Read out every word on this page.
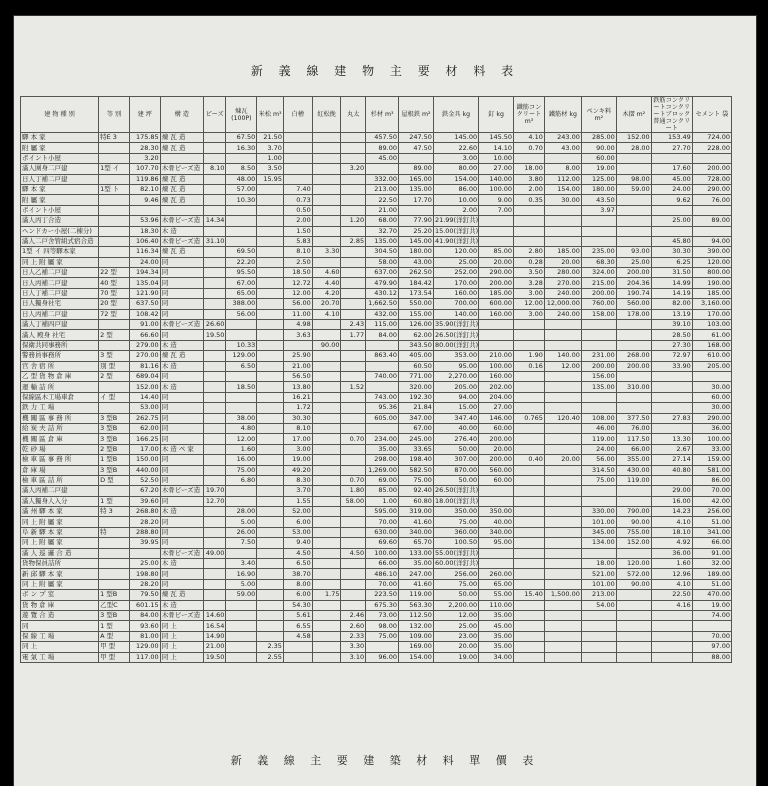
新 義 線 建 物 主 要 材 料 表
建 物 種 別	等 別	建 坪	構 造	ピーズ	煉瓦 (100P)	米松 m³	白檜	紅松挽	丸太	杉材 m³	屋根鉄 m²	鉄金具 kg	釘 kg	鐵筋コンクリートm³	鐵筋材 kg	ペンキ料 m²	木摺 m²	鉄筋コンクリートコンクリートブロック普通コンクリート	セメント 袋
驛 本 家	特E 3	175.85	煉 瓦 造		67.50	21.50				457.50	247.50	145.00	145.50	4.10	243.00	285.00	152.00	153.49	724.00
附 屬 家		28.30	煉 瓦 造		16.30	3.70				89.00	47.50	22.60	14.10	0.70	43.00	90.00	28.00	27.70	228.00
ポイント小屋		3.20				1.00				45.00		3.00	10.00			60.00			
滿人圍身二戸建	1型 イ	107.70	木骨ビーズ造	8.10	8.50	3.50			3.20		89.00	80.00	27.00	18.00	8.00	19.00		17.60	200.00
日人丁補二戸建		119.86	煉 瓦 造		48.00	15.95				332.00	165.00	154.00	140.00	3.80	112.00	125.00	98.00	45.00	728.00
驛 本 家	1型 ト	82.10	煉 瓦 造		57.00		7.40			213.00	135.00	86.00	100.00	2.00	154.00	180.00	59.00	24.00	290.00
附 屬 家		9.46	煉 瓦 造		10.30		0.73			22.50	17.70	10.00	9.00	0.35	30.00	43.50		9.62	76.00
ポイント小屋							0.50			21.00		2.00	7.00			3.97			
滿人丙丁合造		53.96	木骨ビーズ造	14.34			2.00		1.20	68.00	77.90	21.99(洋釘共)						25.00	89.00
ヘンドカー小屋(二棟分)		18.30	木 造				1.50			32.70	25.20	15.00(洋釘共)							
滿人二戸舍管組式宿合造		106.40	木骨ビーズ造	31.10			5.83		2.85	135.00	145.00	41.90(洋釘共)						45.80	94.00
1型 イ 四等驛本家		116.34	煉 瓦 造		69.50		8.10	3.30		304.50	180.00	120.00	85.00	2.80	185.00	235.00	93.00	30.30	390.00
同 上 附 屬 家		24.00	同		22.20		2.50			58.00	43.00	25.00	20.00	0.28	20.00	68.30	25.00	6.25	120.00
日人乙補二戸建	22 型	194.34	同		95.50		18.50	4.60		637.00	262.50	252.00	290.00	3.50	280.00	324.00	200.00	31.50	800.00
日人丙補二戸建	40 型	135.04	同		67.00		12.72	4.40		479.90	184.42	170.00	200.00	3.28	270.00	215.00	204.36	14.99	190.00
日人丁補二戸建	70 型	121.90	同		65.00		12.00	4.20		430.12	173.54	160.00	185.00	3.00	240.00	200.00	190.74	14.19	185.00
日人獨身社宅	20 型	637.50	同		388.00		56.00	20.70		1,662.50	550.00	700.00	600.00	12.00	12,000.00	760.00	560.00	82.00	3,160.00
日人丙補二戸建	72 型	108.42	同		56.00		11.00	4.10		432.00	155.00	140.00	160.00	3.00	240.00	158.00	178.00	13.19	170.00
滿人丁補四戸建		91.00	木骨ビーズ造	26.60			4.98		2.43	115.00	126.00	35.90(洋釘共)						39.10	103.00
滿人 殿身 社宅	2 型	66.60	同	19.50			3.63		1.77	84.00	62.00	26.50(洋釘共)						28.50	61.00
保衛共同事務所		279.00	木 造		10.33			90.00			343.50	80.00(洋釘共)						27.30	168.00
警務員事務所	3 型	270.00	煉 瓦 造		129.00		25.90			863.40	405.00	353.00	210.00	1.90	140.00	231.00	268.00	72.97	610.00
官 舍 宿 所	別 型	81.16	木 造		6.50		21.00				60.50	95.00	100.00	0.16	12.00	200.00	200.00	33.90	205.00
乙 型 貨 物 倉 庫	2 型	689.04	同				56.50			740.00	771.00	2,270.00	160.00			156.00			
運 輸 詰 所		152.00	木 造		18.50		13.80		1.52		320.00	205.00	202.00			135.00	310.00		30.00
保線區木工場車倉	イ 型	14.40	同				16.21			743.00	192.30	94.00	204.00						60.00
鉄 力 工 場		53.00	同				1.72			95.36	21.84	15.00	27.00						30.00
機 關 區 事 務 所	3 型B	262.75	同		38.00		30.30			605.00	347.00	347.40	146.00	0.765	120.40	108.00	377.50	27.83	290.00
給 炭 夫 詰 所	3 型B	62.00	同		4.80		8.10				67.00	40.00	60.00			46.00	76.00		36.00
機 關 區 倉 庫	3 型B	166.25	同		12.00		17.00		0.70	234.00	245.00	276.40	200.00			119.00	117.50	13.30	100.00
乾 砂 場	2 型B	17.00	木 造 ペ 家		1.60		3.00			35.00	33.65	50.00	20.00			24.00	66.00	2.67	33.00
檢 車 區 事 務 所	1 型B	150.00	同		16.00		19.00			298.00	198.40	307.00	200.00	0.40	20.00	56.00	355.00	27.14	159.00
倉 庫 場	3 型B	440.00	同		75.00		49.20			1,269.00	582.50	870.00	560.00			314.50	430.00	40.80	581.00
檢 車 區 詰 所	D 型	52.50	同		6.80		8.30		0.70	69.00	75.00	50.00	60.00			75.00	119.00		86.00
滿人丙補二戸建		67.20	木骨ビーズ造	19.70			3.70		1.80	85.00	92.40	26.50(洋釘共)						29.00	70.00
滿人獨身人入分	1 型	39.60	同	12.70			1.55		58.00	1.00	60.80	18.00(洋釘共)						16.00	42.00
滿 州 驛 本 家	特 3	268.80	木 造		28.00		52.00			595.00	319.00	350.00	350.00			330.00	790.00	14.23	256.00
同 上 附 屬 家		28.20	同		5.00		6.00			70.00	41.60	75.00	40.00			101.00	90.00	4.10	51.00
阜 新 驛 本 家	特	288.80	同		26.00		53.00			630.00	340.00	360.00	340.00			345.00	755.00	18.10	341.00
同 上 附 屬 家		39.95	同		7.50		9.40			69.60	65.70	100.50	95.00			134.00	152.00	4.92	66.00
滿 人 巡 邏 合 造			木骨ビーズ造	49.00			4.50		4.50	100.00	133.00	55.00(洋釘共)						36.00	91.00
貨物保員詰所		25.00	木 造		3.40		6.50			66.00	35.00	60.00(洋釘共)				18.00	120.00	1.60	32.00
新 邱 驛 本 家		198.80	同		16.90		38.70			486.10	247.00	256.00	260.00			521.00	572.00	12.96	189.00
同 上 附 屬 家		28.20	同		5.00		8.00			70.00	41.60	75.00	65.00			101.00	90.00	4.10	51.00
ボ ン プ 室	1 型B	79.50	煉 瓦 造		59.00		6.00	1.75		223.50	119.00	50.00	55.00	15.40	1,500.00	213.00		22.50	470.00
貨 物 倉 庫	乙型C	601.15	木 造				54.30			675.30	563.30	2,200.00	110.00			54.00		4.16	19.00
遊 覽 合 造	3 型B	84.00	木骨ビーズ造	14.60			5.61		2.46	73.00	112.50	12.00	35.00						74.00
同	1 型	93.60	同 上	16.54			6.55		2.60	98.00	132.00	25.00	45.00						
保 線 工 場	A 型	81.00	同 上	14.90			4.58		2.33	75.00	109.00	23.00	35.00						70.00
同 上	甲 型	129.00	同 上	21.00		2.35			3.30		169.00	20.00	35.00						97.00
電 氣 工 場	甲 型	117.00	同 上	19.50		2.55			3.10	96.00	154.00	19.00	34.00						88.00
新 義 線 主 要 建 築 材 料 單 價 表
